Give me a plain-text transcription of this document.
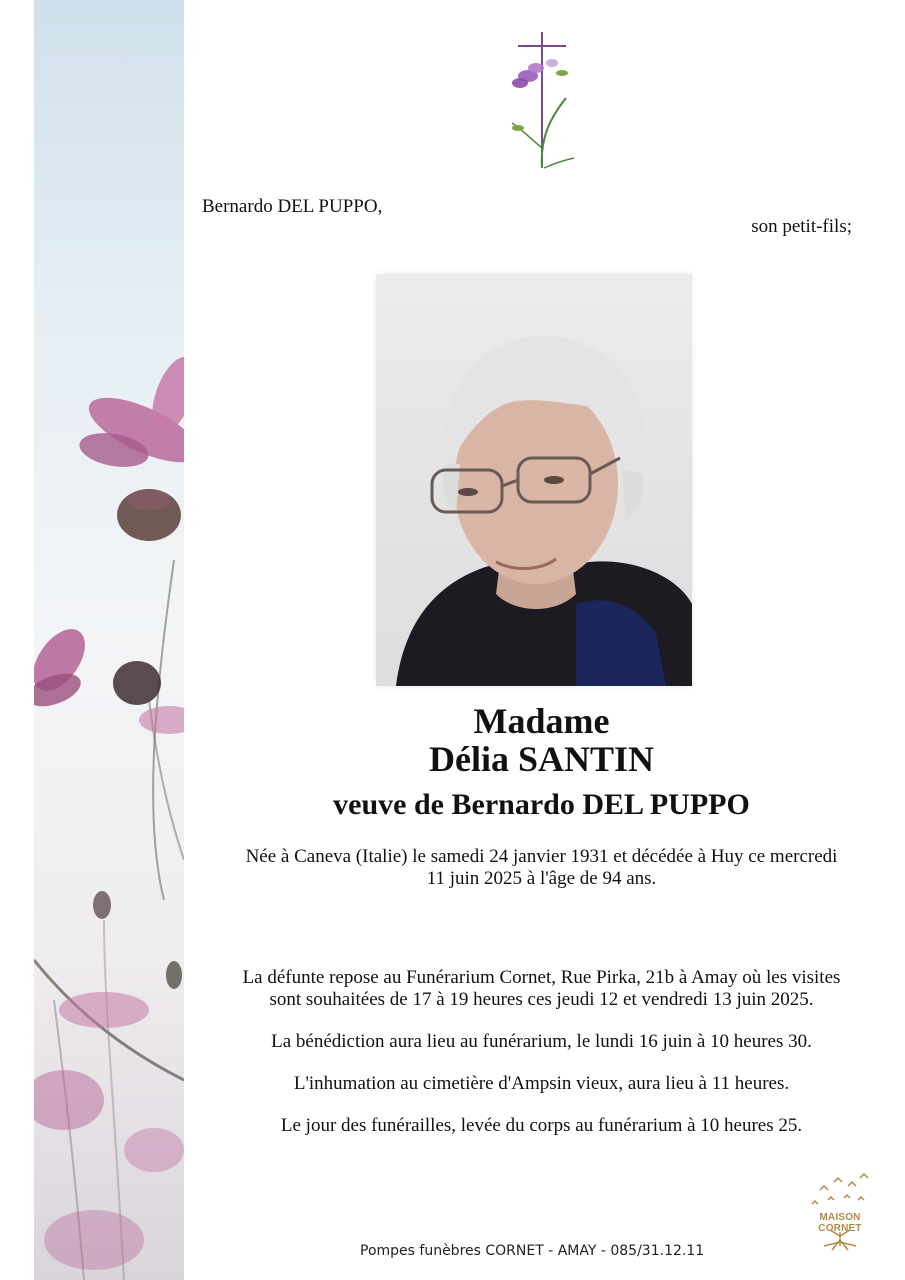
Bernardo DEL PUPPO,
son petit-fils;
Madame
Délia SANTIN
veuve de Bernardo DEL PUPPO
Née à Caneva (Italie) le samedi 24 janvier 1931 et décédée à Huy ce mercredi
11 juin 2025 à l'âge de 94 ans.
La défunte repose au Funérarium Cornet, Rue Pirka, 21b à Amay où les visites
sont souhaitées de 17 à 19 heures ces jeudi 12 et vendredi 13 juin 2025.
La bénédiction aura lieu au funérarium, le lundi 16 juin à 10 heures 30.
L'inhumation au cimetière d'Ampsin vieux, aura lieu à 11 heures.
Le jour des funérailles, levée du corps au funérarium à 10 heures 25.
Pompes funèbres CORNET - AMAY - 085/31.12.11
MAISON CORNET
